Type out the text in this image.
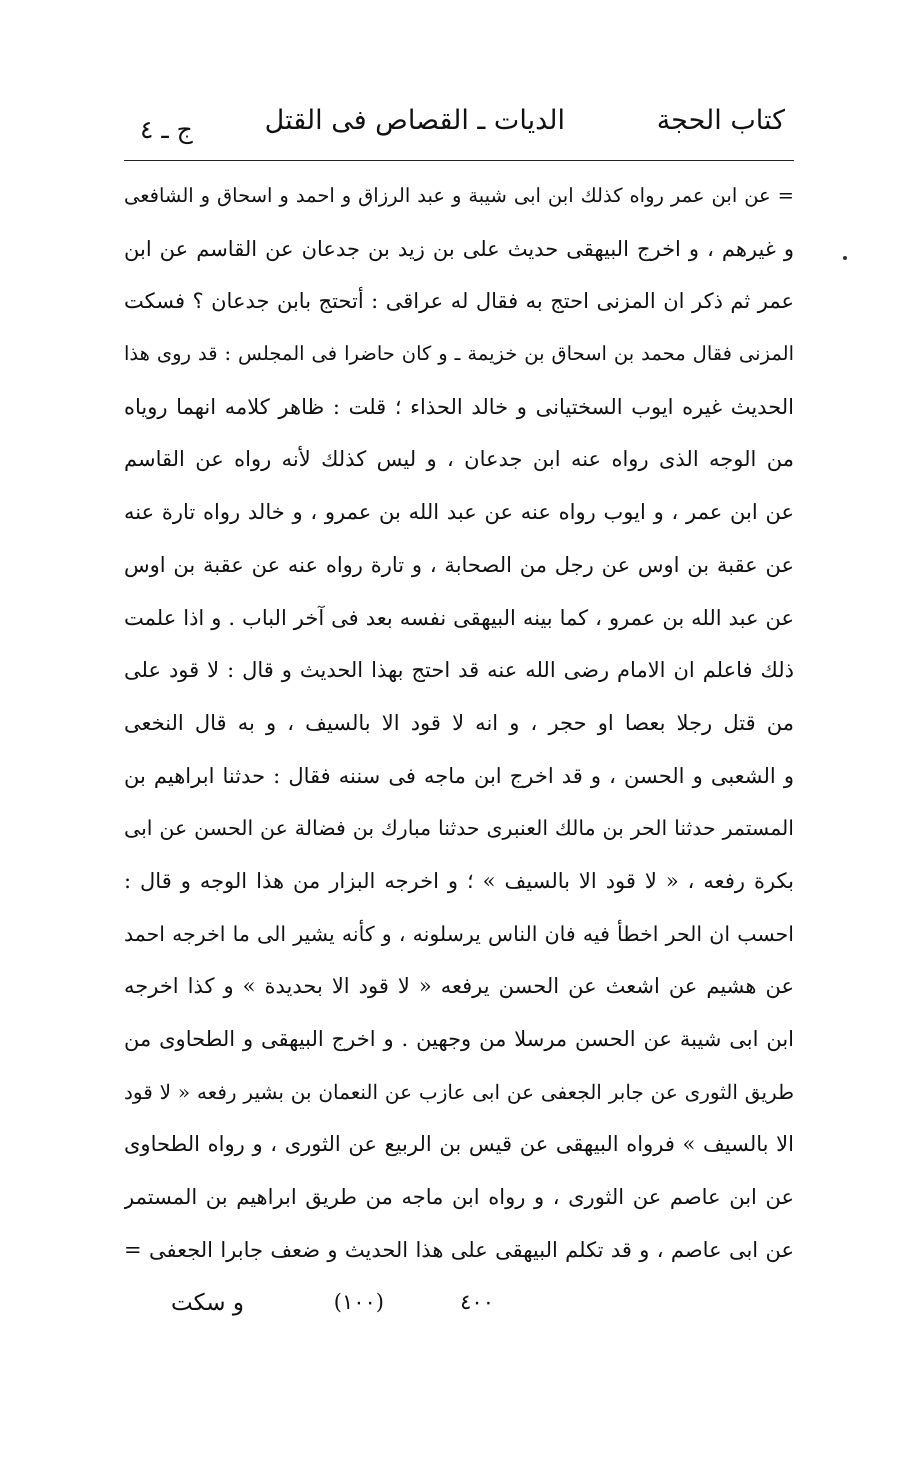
كتاب الحجة
الديات ـ القصاص فى القتل
ج ـ ٤
= عن ابن عمر رواه كذلك ابن ابى شيبة و عبد الرزاق و احمد و اسحاق و الشافعى
و غيرهم ، و اخرج البيهقى حديث على بن زيد بن جدعان عن القاسم عن ابن
عمر ثم ذكر ان المزنى احتج به فقال له عراقى : أتحتج بابن جدعان ؟ فسكت
المزنى فقال محمد بن اسحاق بن خزيمة ـ و كان حاضرا فى المجلس : قد روى هذا
الحديث غيره ايوب السختيانى و خالد الحذاء ؛ قلت : ظاهر كلامه انهما روياه
من الوجه الذى رواه عنه ابن جدعان ، و ليس كذلك لأنه رواه عن القاسم
عن ابن عمر ، و ايوب رواه عنه عن عبد الله بن عمرو ، و خالد رواه تارة عنه
عن عقبة بن اوس عن رجل من الصحابة ، و تارة رواه عنه عن عقبة بن اوس
عن عبد الله بن عمرو ، كما بينه البيهقى نفسه بعد فى آخر الباب . و اذا علمت
ذلك فاعلم ان الامام رضى الله عنه قد احتج بهذا الحديث و قال : لا قود على
من قتل رجلا بعصا او حجر ، و انه لا قود الا بالسيف ، و به قال النخعى
و الشعبى و الحسن ، و قد اخرج ابن ماجه فى سننه فقال : حدثنا ابراهيم بن
المستمر حدثنا الحر بن مالك العنبرى حدثنا مبارك بن فضالة عن الحسن عن ابى
بكرة رفعه ، « لا قود الا بالسيف » ؛ و اخرجه البزار من هذا الوجه و قال :
احسب ان الحر اخطأ فيه فان الناس يرسلونه ، و كأنه يشير الى ما اخرجه احمد
عن هشيم عن اشعث عن الحسن يرفعه « لا قود الا بحديدة » و كذا اخرجه
ابن ابى شيبة عن الحسن مرسلا من وجهين . و اخرج البيهقى و الطحاوى من
طريق الثورى عن جابر الجعفى عن ابى عازب عن النعمان بن بشير رفعه « لا قود
الا بالسيف » فرواه البيهقى عن قيس بن الربيع عن الثورى ، و رواه الطحاوى
عن ابن عاصم عن الثورى ، و رواه ابن ماجه من طريق ابراهيم بن المستمر
عن ابى عاصم ، و قد تكلم البيهقى على هذا الحديث و ضعف جابرا الجعفى =
٤٠٠
(١٠٠)
و سكت
